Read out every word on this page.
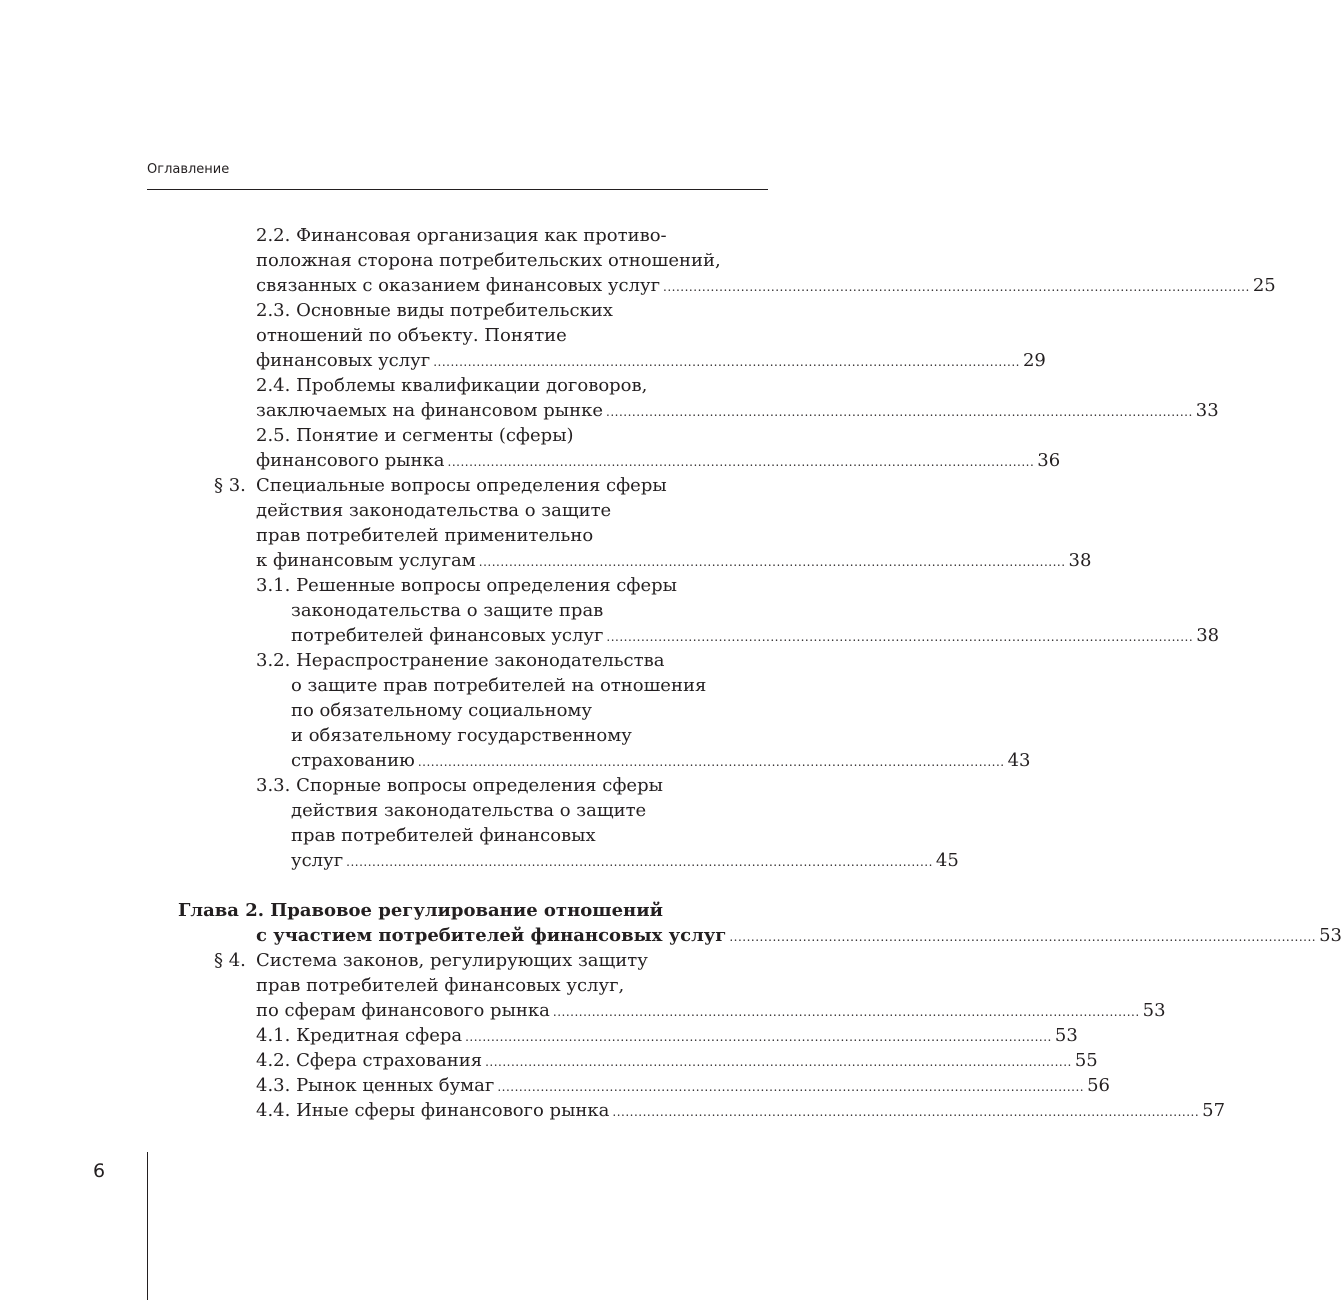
Оглавление
2.2. Финансовая организация как противо-
положная сторона потребительских отношений,
связанных с оказанием финансовых услуг ........................................................................................................................................ 25
2.3. Основные виды потребительских
отношений по объекту. Понятие
финансовых услуг ........................................................................................................................................ 29
2.4. Проблемы квалификации договоров,
заключаемых на финансовом рынке ........................................................................................................................................ 33
2.5. Понятие и сегменты (сферы)
финансового рынка ........................................................................................................................................ 36
§ 3. Специальные вопросы определения сферы
действия законодательства о защите
прав потребителей применительно
к финансовым услугам ........................................................................................................................................ 38
3.1. Решенные вопросы определения сферы
законодательства о защите прав
потребителей финансовых услуг ........................................................................................................................................ 38
3.2. Нераспространение законодательства
о защите прав потребителей на отношения
по обязательному социальному
и обязательному государственному
страхованию ........................................................................................................................................ 43
3.3. Спорные вопросы определения сферы
действия законодательства о защите
прав потребителей финансовых
услуг ........................................................................................................................................ 45
Глава 2. Правовое регулирование отношений
с участием потребителей финансовых услуг ........................................................................................................................................ 53
§ 4. Система законов, регулирующих защиту
прав потребителей финансовых услуг,
по сферам финансового рынка ........................................................................................................................................ 53
4.1. Кредитная сфера ........................................................................................................................................ 53
4.2. Сфера страхования ........................................................................................................................................ 55
4.3. Рынок ценных бумаг ........................................................................................................................................ 56
4.4. Иные сферы финансового рынка ........................................................................................................................................ 57
6
